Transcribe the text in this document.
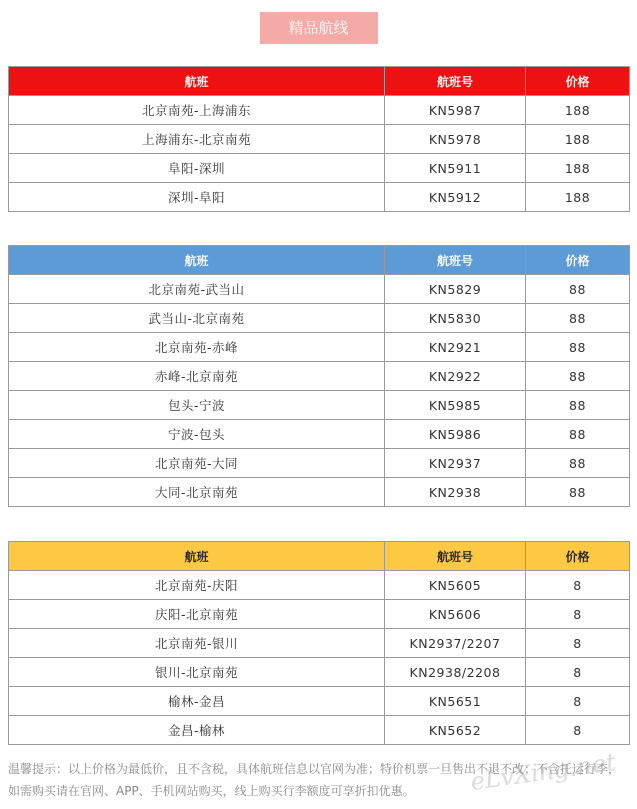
精品航线
航班	航班号	价格
北京南苑-上海浦东	KN5987	188
上海浦东-北京南苑	KN5978	188
阜阳-深圳	KN5911	188
深圳-阜阳	KN5912	188
航班	航班号	价格
北京南苑-武当山	KN5829	88
武当山-北京南苑	KN5830	88
北京南苑-赤峰	KN2921	88
赤峰-北京南苑	KN2922	88
包头-宁波	KN5985	88
宁波-包头	KN5986	88
北京南苑-大同	KN2937	88
大同-北京南苑	KN2938	88
航班	航班号	价格
北京南苑-庆阳	KN5605	8
庆阳-北京南苑	KN5606	8
北京南苑-银川	KN2937/2207	8
银川-北京南苑	KN2938/2208	8
榆林-金昌	KN5651	8
金昌-榆林	KN5652	8
温馨提示：以上价格为最低价，且不含税，具体航班信息以官网为准；特价机票一旦售出不退不改；不含托运行李，如需购买请在官网、APP、手机网站购买，线上购买行李额度可享折扣优惠。	eLvXing.net
